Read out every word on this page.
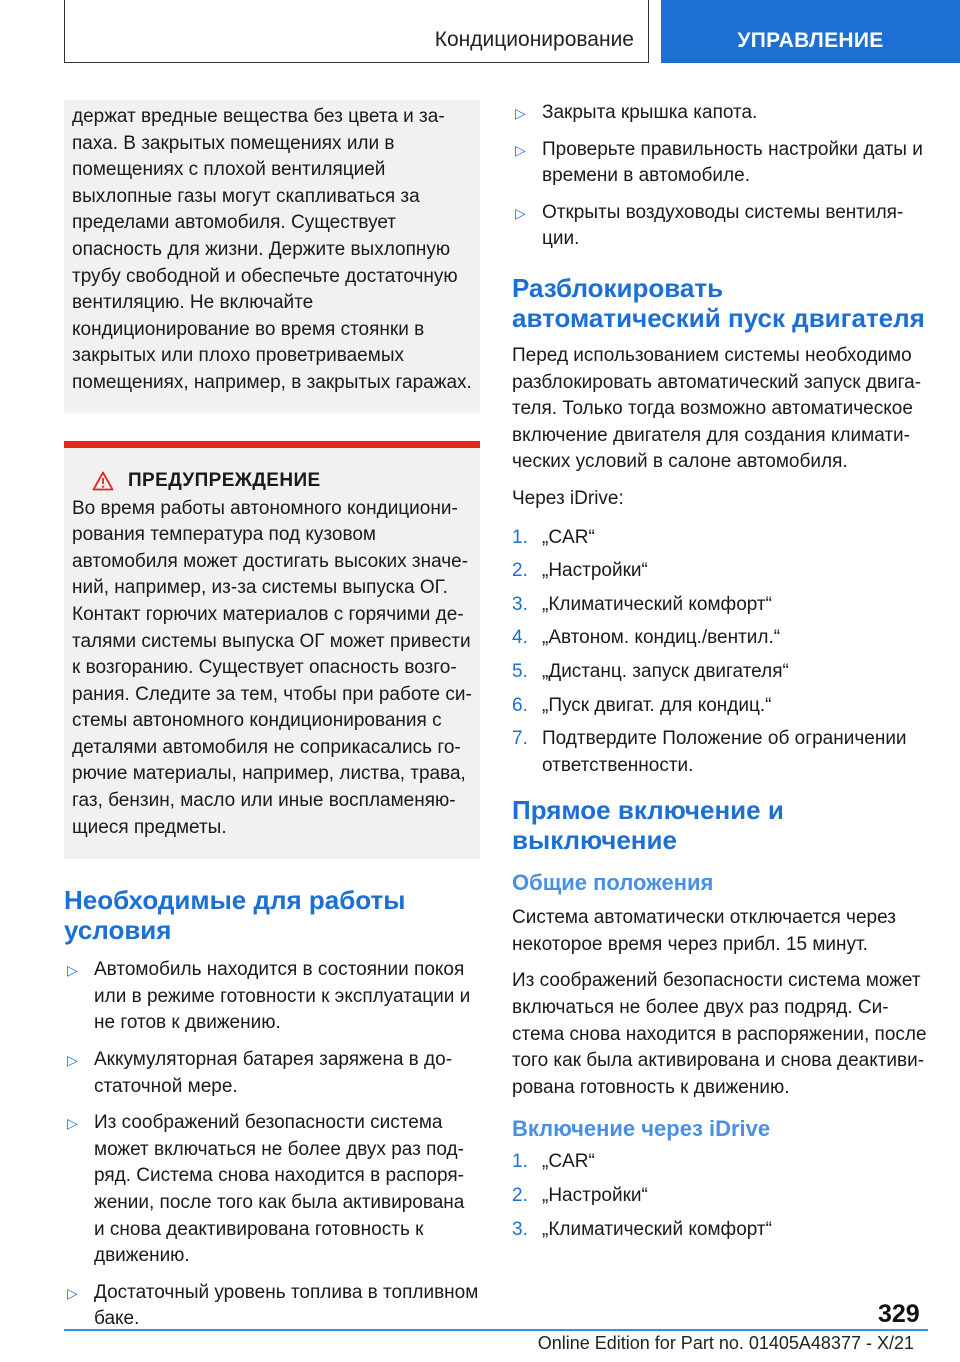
Кондиционирование	УПРАВЛЕНИЕ

держат вредные вещества без цвета и запаха. В закрытых помещениях или в помещениях с плохой вентиляцией выхлопные газы могут скапливаться за пределами автомобиля. Существует опасность для жизни. Держите выхлопную трубу свободной и обеспечьте достаточную вентиляцию. Не включайте кондиционирование во время стоянки в закрытых или плохо проветриваемых помещениях, например, в закрытых гаражах.

ПРЕДУПРЕЖДЕНИЕ

Во время работы автономного кондиционирования температура под кузовом автомобиля может достигать высоких значений, например, из-за системы выпуска ОГ. Контакт горючих материалов с горячими деталями системы выпуска ОГ может привести к возгоранию. Существует опасность возгорания. Следите за тем, чтобы при работе системы автономного кондиционирования с деталями автомобиля не соприкасались горючие материалы, например, листва, трава, газ, бензин, масло или иные воспламеняющиеся предметы.

Необходимые для работы условия
▷ Автомобиль находится в состоянии покоя или в режиме готовности к эксплуатации и не готов к движению.
▷ Аккумуляторная батарея заряжена в достаточной мере.
▷ Из соображений безопасности система может включаться не более двух раз подряд. Система снова находится в распоряжении, после того как была активирована и снова деактивирована готовность к движению.
▷ Достаточный уровень топлива в топливном баке.
▷ Закрыта крышка капота.
▷ Проверьте правильность настройки даты и времени в автомобиле.
▷ Открыты воздуховоды системы вентиляции.
Разблокировать автоматический пуск двигателя

Перед использованием системы необходимо разблокировать автоматический запуск двигателя. Только тогда возможно автоматическое включение двигателя для создания климатических условий в салоне автомобиля.

Через iDrive:

1. „CAR“
2. „Настройки“
3. „Климатический комфорт“
4. „Автоном. кондиц./вентил.“
5. „Дистанц. запуск двигателя“
6. „Пуск двигат. для кондиц.“
7. Подтвердите Положение об ограничении ответственности.
Прямое включение и выключение
Общие положения

Система автоматически отключается через некоторое время через прибл. 15 минут.

Из соображений безопасности система может включаться не более двух раз подряд. Система снова находится в распоряжении, после того как была активирована и снова деактивирована готовность к движению.

Включение через iDrive
1. „CAR“
2. „Настройки“
3. „Климатический комфорт“
329
Online Edition for Part no. 01405A48377 - X/21
